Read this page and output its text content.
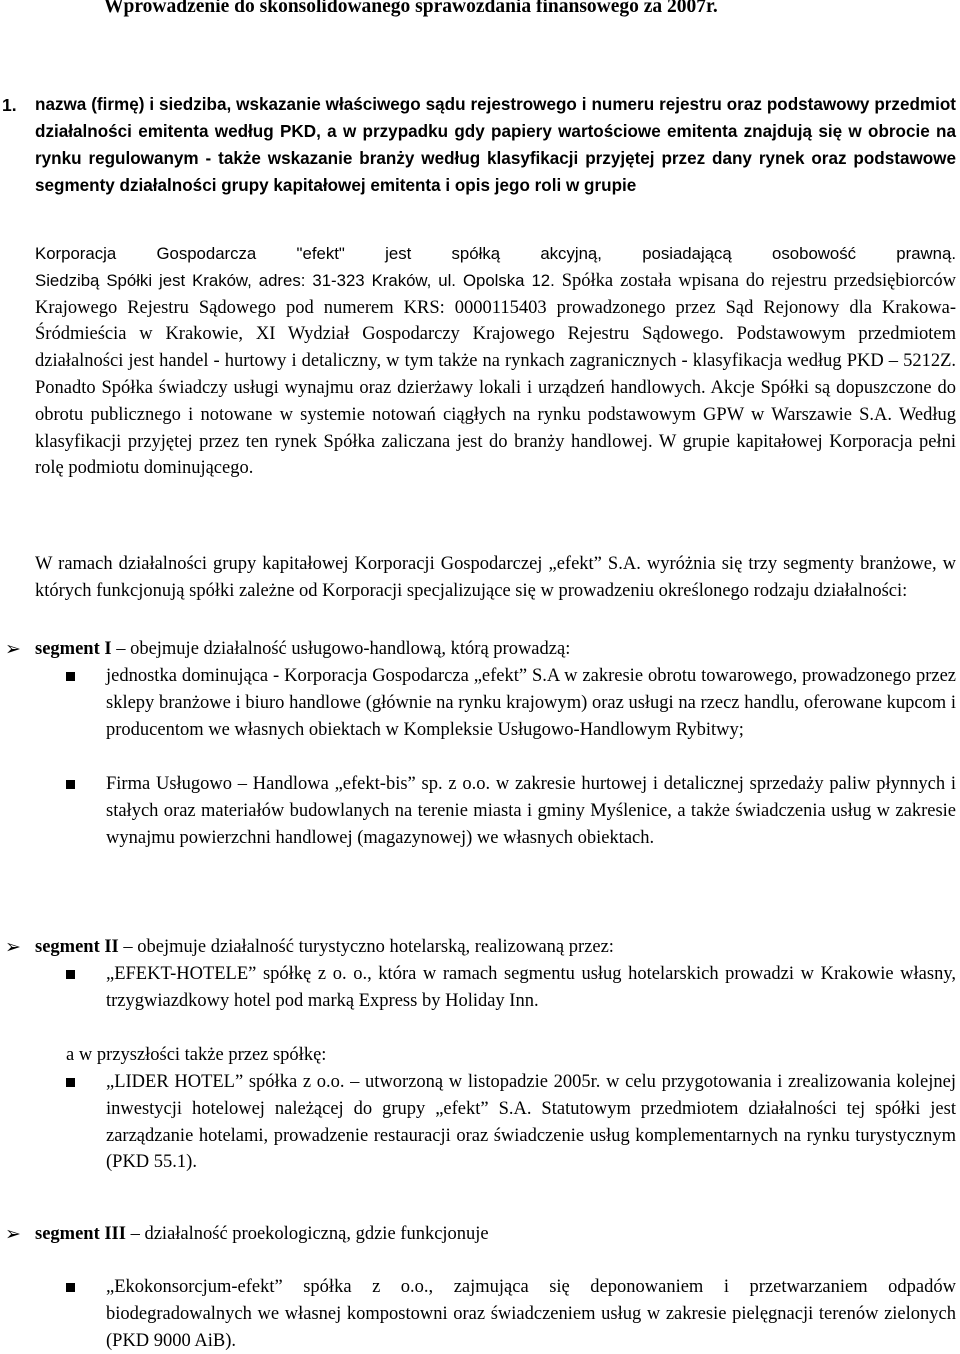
Wprowadzenie do skonsolidowanego sprawozdania finansowego za 2007r.
1. nazwa (firmę) i siedziba, wskazanie właściwego sądu rejestrowego i numeru rejestru oraz podstawowy przedmiot działalności emitenta według PKD, a w przypadku gdy papiery wartościowe emitenta znajdują się w obrocie na rynku regulowanym - także wskazanie branży według klasyfikacji przyjętej przez dany rynek oraz podstawowe segmenty działalności grupy kapitałowej emitenta i opis jego roli w grupie
Korporacja Gospodarcza "efekt" jest spółką akcyjną, posiadającą osobowość prawną.
Siedzibą Spółki jest Kraków, adres: 31-323 Kraków, ul. Opolska 12. Spółka została wpisana do rejestru przedsiębiorców Krajowego Rejestru Sądowego pod numerem KRS: 0000115403 prowadzonego przez Sąd Rejonowy dla Krakowa-Śródmieścia w Krakowie, XI Wydział Gospodarczy Krajowego Rejestru Sądowego. Podstawowym przedmiotem działalności jest handel - hurtowy i detaliczny, w tym także na rynkach zagranicznych - klasyfikacja według PKD – 5212Z. Ponadto Spółka świadczy usługi wynajmu oraz dzierżawy lokali i urządzeń handlowych. Akcje Spółki są dopuszczone do obrotu publicznego i notowane w systemie notowań ciągłych na rynku podstawowym GPW w Warszawie S.A. Według klasyfikacji przyjętej przez ten rynek Spółka zaliczana jest do branży handlowej. W grupie kapitałowej Korporacja pełni rolę podmiotu dominującego.
W ramach działalności grupy kapitałowej Korporacji Gospodarczej „efekt” S.A. wyróżnia się trzy segmenty branżowe, w których funkcjonują spółki zależne od Korporacji specjalizujące się w prowadzeniu określonego rodzaju działalności:
➢ segment I – obejmuje działalność usługowo-handlową, którą prowadzą:
jednostka dominująca - Korporacja Gospodarcza „efekt” S.A w zakresie obrotu towarowego, prowadzonego przez sklepy branżowe i biuro handlowe (głównie na rynku krajowym) oraz usługi na rzecz handlu, oferowane kupcom i producentom we własnych obiektach w Kompleksie Usługowo-Handlowym Rybitwy;
Firma Usługowo – Handlowa „efekt-bis” sp. z o.o. w zakresie hurtowej i detalicznej sprzedaży paliw płynnych i stałych oraz materiałów budowlanych na terenie miasta i gminy Myślenice, a także świadczenia usług w zakresie wynajmu powierzchni handlowej (magazynowej) we własnych obiektach.
➢ segment II – obejmuje działalność turystyczno hotelarską, realizowaną przez:
„EFEKT-HOTELE” spółkę z o. o., która w ramach segmentu usług hotelarskich prowadzi w Krakowie własny, trzygwiazdkowy hotel pod marką Express by Holiday Inn.
a w przyszłości także przez spółkę:
„LIDER HOTEL” spółka z o.o. – utworzoną w listopadzie 2005r. w celu przygotowania i zrealizowania kolejnej inwestycji hotelowej należącej do grupy „efekt” S.A. Statutowym przedmiotem działalności tej spółki jest zarządzanie hotelami, prowadzenie restauracji oraz świadczenie usług komplementarnych na rynku turystycznym (PKD 55.1).
➢ segment III – działalność proekologiczną, gdzie funkcjonuje
„Ekokonsorcjum-efekt” spółka z o.o., zajmująca się deponowaniem i przetwarzaniem odpadów biodegradowalnych we własnej kompostowni oraz świadczeniem usług w zakresie pielęgnacji terenów zielonych (PKD 9000 AiB).
